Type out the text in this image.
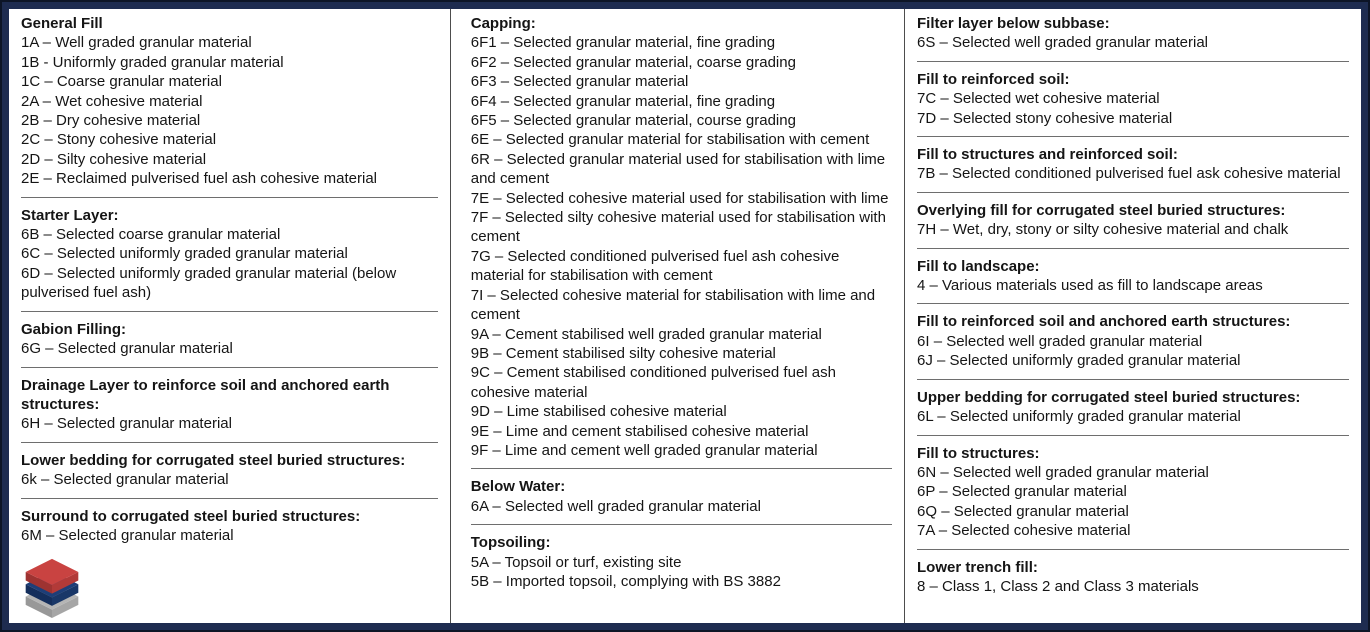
General Fill
1A – Well graded granular material
1B - Uniformly graded granular material
1C – Coarse granular material
2A – Wet cohesive material
2B – Dry cohesive material
2C – Stony cohesive material
2D – Silty cohesive material
2E – Reclaimed pulverised fuel ash cohesive material
Starter Layer:
6B – Selected coarse granular material
6C – Selected uniformly graded granular material
6D – Selected uniformly graded granular material (below pulverised fuel ash)
Gabion Filling:
6G – Selected granular material
Drainage Layer to reinforce soil and anchored earth structures:
6H – Selected granular material
Lower bedding for corrugated steel buried structures:
6k – Selected granular material
Surround to corrugated steel buried structures:
6M – Selected granular material
Capping:
6F1 – Selected granular material, fine grading
6F2 – Selected granular material, coarse grading
6F3 – Selected granular material
6F4 – Selected granular material, fine grading
6F5 – Selected granular material, course grading
6E – Selected granular material for stabilisation with cement
6R – Selected granular material used for stabilisation with lime and cement
7E – Selected cohesive material used for stabilisation with lime
7F – Selected silty cohesive material used for stabilisation with cement
7G – Selected conditioned pulverised fuel ash cohesive material for stabilisation with cement
7I – Selected cohesive material for stabilisation with lime and cement
9A – Cement stabilised well graded granular material
9B – Cement stabilised silty cohesive material
9C – Cement stabilised conditioned pulverised fuel ash cohesive material
9D – Lime stabilised cohesive material
9E – Lime and cement stabilised cohesive material
9F – Lime and cement well graded granular material
Below Water:
6A – Selected well graded granular material
Topsoiling:
5A – Topsoil or turf, existing site
5B – Imported topsoil, complying with BS 3882
Filter layer below subbase:
6S – Selected well graded granular material
Fill to reinforced soil:
7C – Selected wet cohesive material
7D – Selected stony cohesive material
Fill to structures and reinforced soil:
7B – Selected conditioned pulverised fuel ask cohesive material
Overlying fill for corrugated steel buried structures:
7H – Wet, dry, stony or silty cohesive material and chalk
Fill to landscape:
4 – Various materials used as fill to landscape areas
Fill to reinforced soil and anchored earth structures:
6I – Selected well graded granular material
6J – Selected uniformly graded granular material
Upper bedding for corrugated steel buried structures:
6L – Selected uniformly graded granular material
Fill to structures:
6N – Selected well graded granular material
6P – Selected granular material
6Q – Selected granular material
7A – Selected cohesive material
Lower trench fill:
8 – Class 1, Class 2 and Class 3 materials
